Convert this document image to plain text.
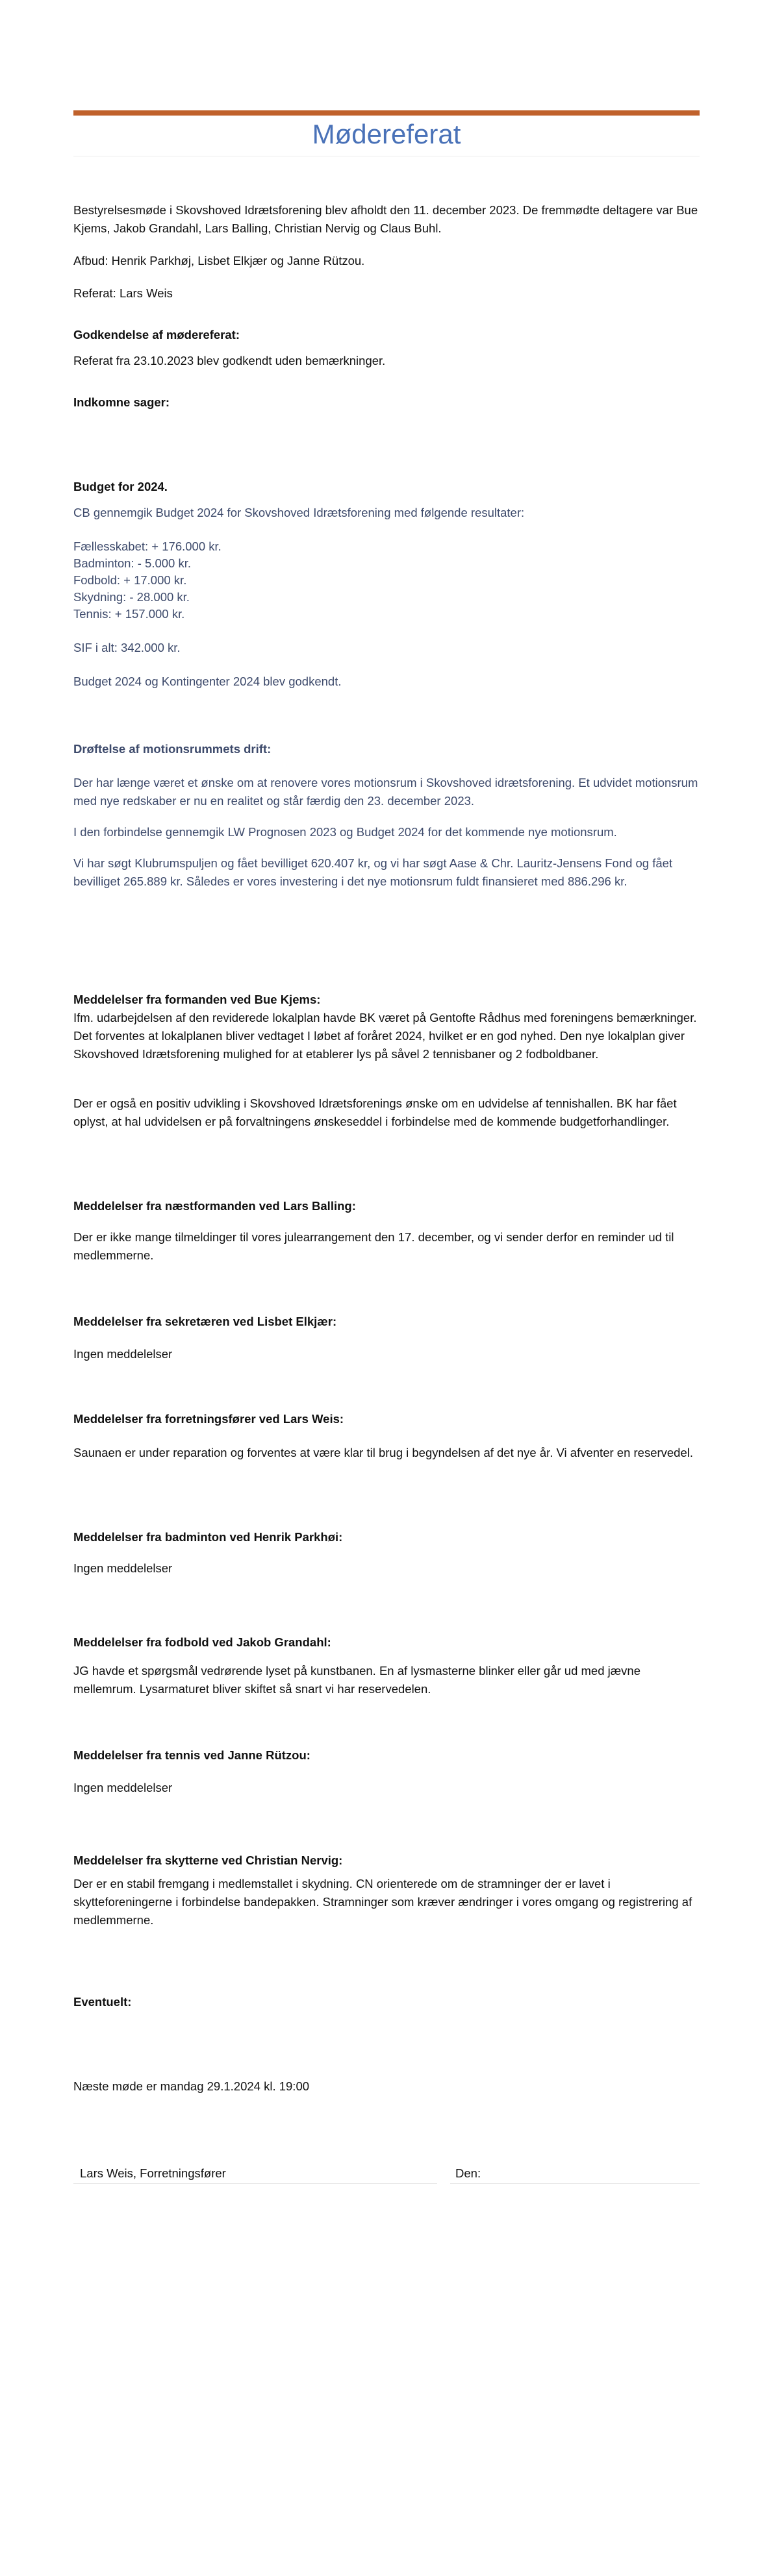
Mødereferat

Bestyrelsesmøde i Skovshoved Idrætsforening blev afholdt den 11. december 2023. De fremmødte deltagere var Bue Kjems, Jakob Grandahl, Lars Balling, Christian Nervig og Claus Buhl.

Afbud: Henrik Parkhøj, Lisbet Elkjær og Janne Rützou.

Referat: Lars Weis

Godkendelse af mødereferat:

Referat fra 23.10.2023 blev godkendt uden bemærkninger.

Indkomne sager:

Budget for 2024.

CB gennemgik Budget 2024 for Skovshoved Idrætsforening med følgende resultater:

Fællesskabet: + 176.000 kr.

Badminton: - 5.000 kr.

Fodbold: + 17.000 kr.

Skydning: - 28.000 kr.

Tennis: + 157.000 kr.

SIF i alt: 342.000 kr.

Budget 2024 og Kontingenter 2024 blev godkendt.

Drøftelse af motionsrummets drift:

Der har længe været et ønske om at renovere vores motionsrum i Skovshoved idrætsforening. Et udvidet motionsrum med nye redskaber er nu en realitet og står færdig den 23. december 2023.

I den forbindelse gennemgik LW Prognosen 2023 og Budget 2024 for det kommende nye motionsrum.

Vi har søgt Klubrumspuljen og fået bevilliget 620.407 kr, og vi har søgt Aase & Chr. Lauritz-Jensens Fond og fået bevilliget 265.889 kr. Således er vores investering i det nye motionsrum fuldt finansieret med 886.296 kr.

Meddelelser fra formanden ved Bue Kjems:

Ifm. udarbejdelsen af den reviderede lokalplan havde BK været på Gentofte Rådhus med foreningens bemærkninger. Det forventes at lokalplanen bliver vedtaget I løbet af foråret 2024, hvilket er en god nyhed. Den nye lokalplan giver Skovshoved Idrætsforening mulighed for at etablerer lys på såvel 2 tennisbaner og 2 fodboldbaner.

Der er også en positiv udvikling i Skovshoved Idrætsforenings ønske om en udvidelse af tennishallen. BK har fået oplyst, at hal udvidelsen er på forvaltningens ønskeseddel i forbindelse med de kommende budgetforhandlinger.

Meddelelser fra næstformanden ved Lars Balling:

Der er ikke mange tilmeldinger til vores julearrangement den 17. december, og vi sender derfor en reminder ud til medlemmerne.

Meddelelser fra sekretæren ved Lisbet Elkjær:

Ingen meddelelser

Meddelelser fra forretningsfører ved Lars Weis:

Saunaen er under reparation og forventes at være klar til brug i begyndelsen af det nye år. Vi afventer en reservedel.

Meddelelser fra badminton ved Henrik Parkhøi:

Ingen meddelelser

Meddelelser fra fodbold ved Jakob Grandahl:

JG havde et spørgsmål vedrørende lyset på kunstbanen. En af lysmasterne blinker eller går ud med jævne mellemrum. Lysarmaturet bliver skiftet så snart vi har reservedelen.

Meddelelser fra tennis ved Janne Rützou:

Ingen meddelelser

Meddelelser fra skytterne ved Christian Nervig:

Der er en stabil fremgang i medlemstallet i skydning. CN orienterede om de stramninger der er lavet i skytteforeningerne i forbindelse bandepakken. Stramninger som kræver ændringer i vores omgang og registrering af medlemmerne.

Eventuelt:

Næste møde er mandag 29.1.2024 kl. 19:00

Lars Weis, Forretningsfører	Den:
